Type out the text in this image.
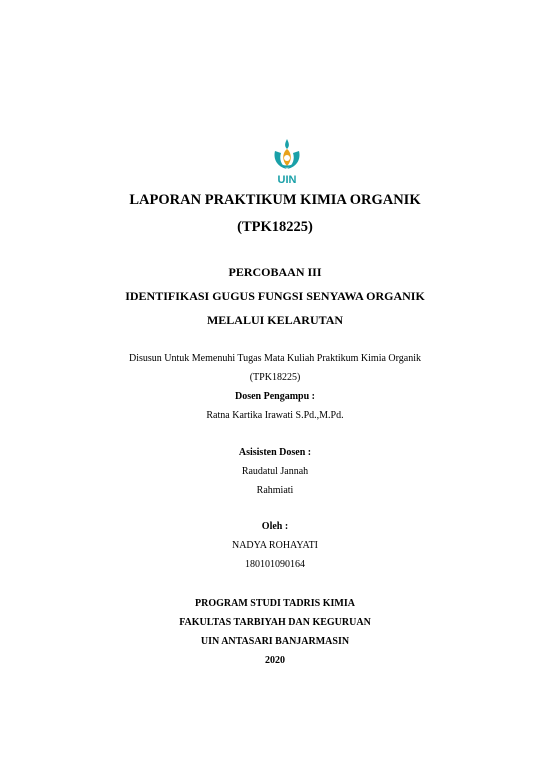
UIN
LAPORAN PRAKTIKUM KIMIA ORGANIK
(TPK18225)
PERCOBAAN III
IDENTIFIKASI GUGUS FUNGSI SENYAWA ORGANIK
MELALUI KELARUTAN
Disusun Untuk Memenuhi Tugas Mata Kuliah Praktikum Kimia Organik
(TPK18225)
Dosen Pengampu :
Ratna Kartika Irawati S.Pd.,M.Pd.
Asisisten Dosen :
Raudatul Jannah
Rahmiati
Oleh :
NADYA ROHAYATI
180101090164
PROGRAM STUDI TADRIS KIMIA
FAKULTAS TARBIYAH DAN KEGURUAN
UIN ANTASARI BANJARMASIN
2020
